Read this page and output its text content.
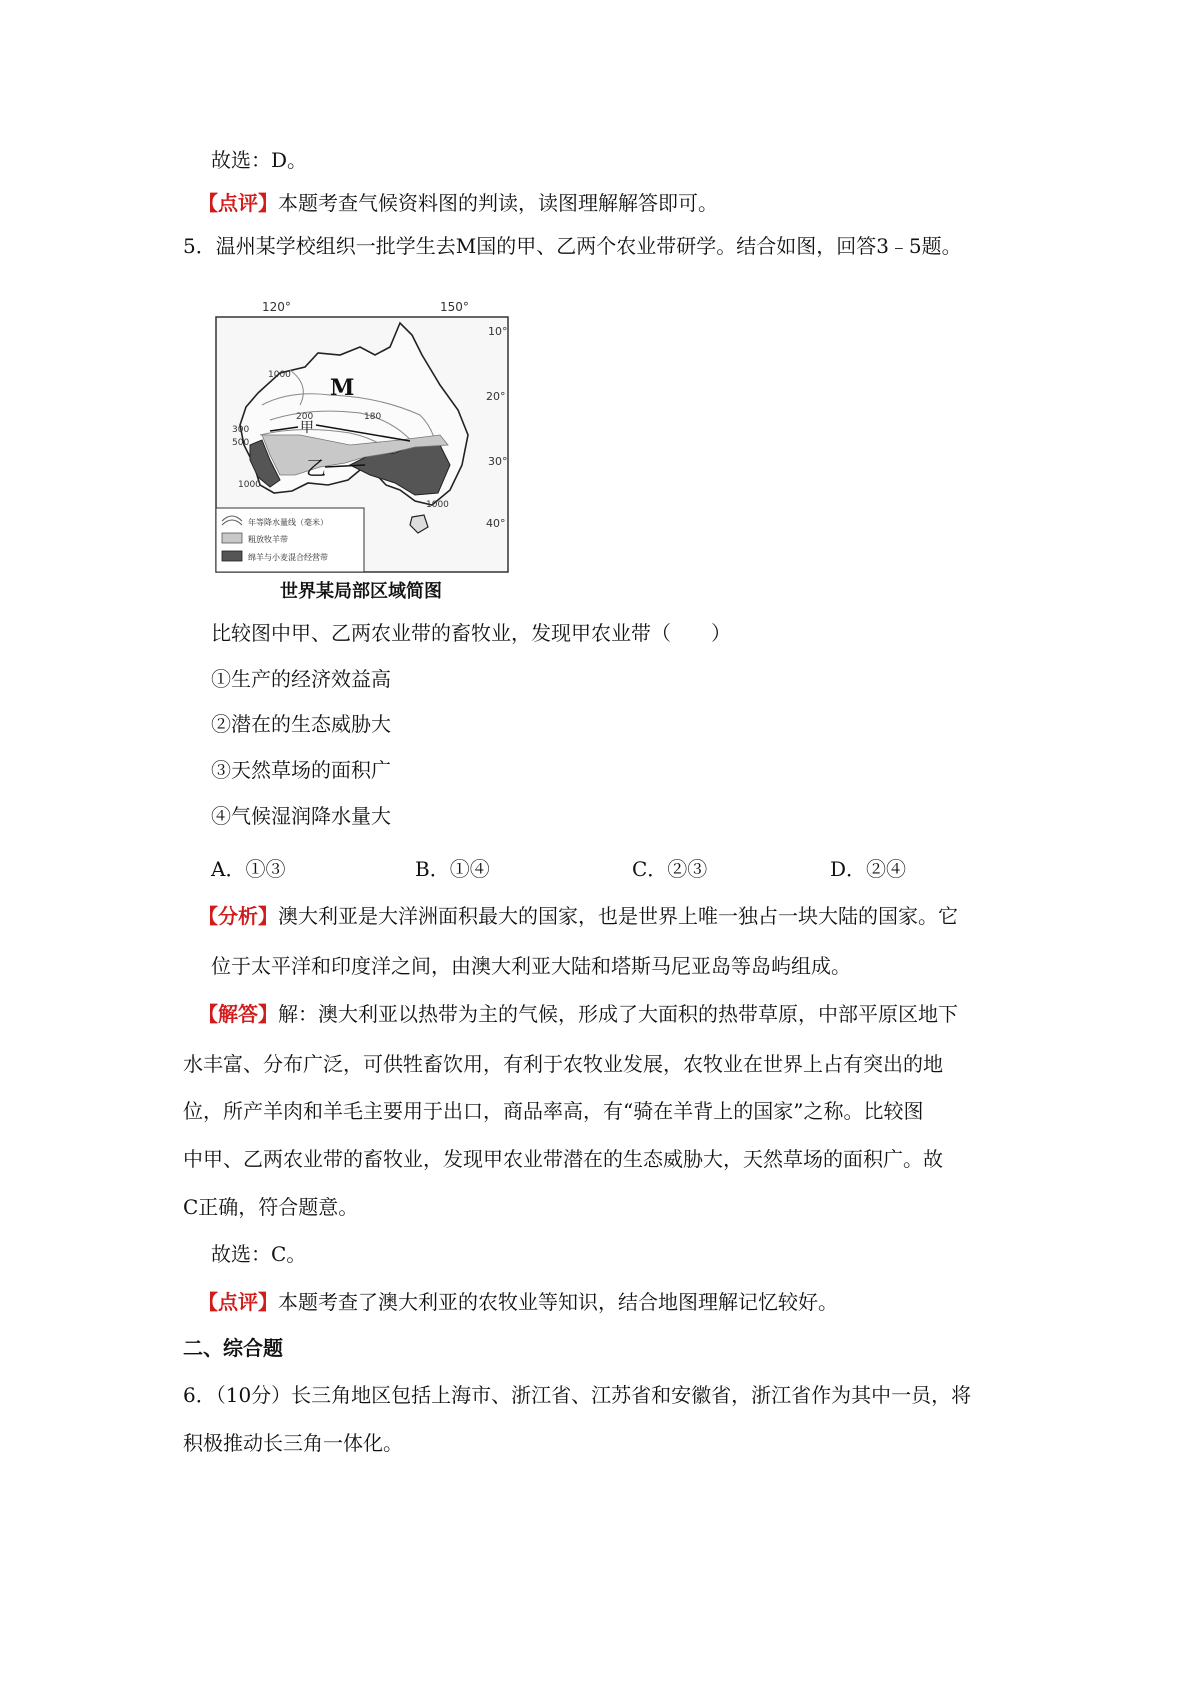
故选：D。
【点评】本题考查气候资料图的判读，读图理解解答即可。
5．温州某学校组织一批学生去M国的甲、乙两个农业带研学。结合如图，回答3﹣5题。
120°	150°
10°
20°
30°
40°
M
甲
乙
1000
200
300
500
1000
180
1000
年等降水量线（毫米）
粗放牧羊带
绵羊与小麦混合经营带
世界某局部区域简图
比较图中甲、乙两农业带的畜牧业，发现甲农业带（　　）
①生产的经济效益高
②潜在的生态威胁大
③天然草场的面积广
④气候湿润降水量大
A．①③	B．①④	C．②③	D．②④
【分析】澳大利亚是大洋洲面积最大的国家，也是世界上唯一独占一块大陆的国家。它
位于太平洋和印度洋之间，由澳大利亚大陆和塔斯马尼亚岛等岛屿组成。
【解答】解：澳大利亚以热带为主的气候，形成了大面积的热带草原，中部平原区地下
水丰富、分布广泛，可供牲畜饮用，有利于农牧业发展，农牧业在世界上占有突出的地
位，所产羊肉和羊毛主要用于出口，商品率高，有“骑在羊背上的国家”之称。比较图
中甲、乙两农业带的畜牧业，发现甲农业带潜在的生态威胁大，天然草场的面积广。故
C正确，符合题意。
故选：C。
【点评】本题考查了澳大利亚的农牧业等知识，结合地图理解记忆较好。
二、综合题
6．（10分）长三角地区包括上海市、浙江省、江苏省和安徽省，浙江省作为其中一员，将
积极推动长三角一体化。
